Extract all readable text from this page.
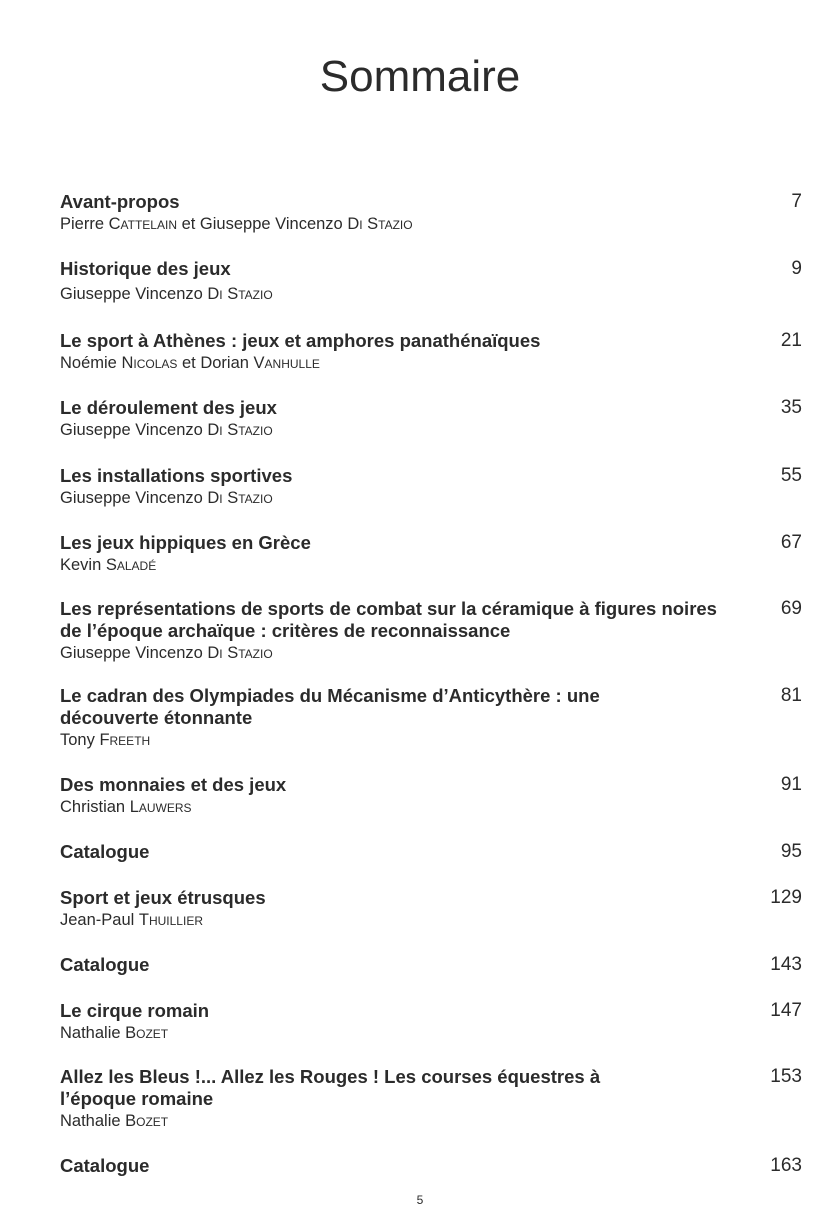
Sommaire
Avant-propos
Pierre Cattelain et Giuseppe Vincenzo Di Stazio
7
Historique des jeux
Giuseppe Vincenzo Di Stazio
9
Le sport à Athènes : jeux et amphores panathénaïques
Noémie Nicolas et Dorian Vanhulle
21
Le déroulement des jeux
Giuseppe Vincenzo Di Stazio
35
Les installations sportives
Giuseppe Vincenzo Di Stazio
55
Les jeux hippiques en Grèce
Kevin Saladé
67
Les représentations de sports de combat sur la céramique à figures noires de l’époque archaïque : critères de reconnaissance
Giuseppe Vincenzo Di Stazio
69
Le cadran des Olympiades du Mécanisme d’Anticythère : une découverte étonnante
Tony Freeth
81
Des monnaies et des jeux
Christian Lauwers
91
Catalogue	95
Sport et jeux étrusques
Jean-Paul Thuillier
129
Catalogue	143
Le cirque romain
Nathalie Bozet
147
Allez les Bleus !... Allez les Rouges ! Les courses équestres à l’époque romaine
Nathalie Bozet
153
Catalogue	163
5
